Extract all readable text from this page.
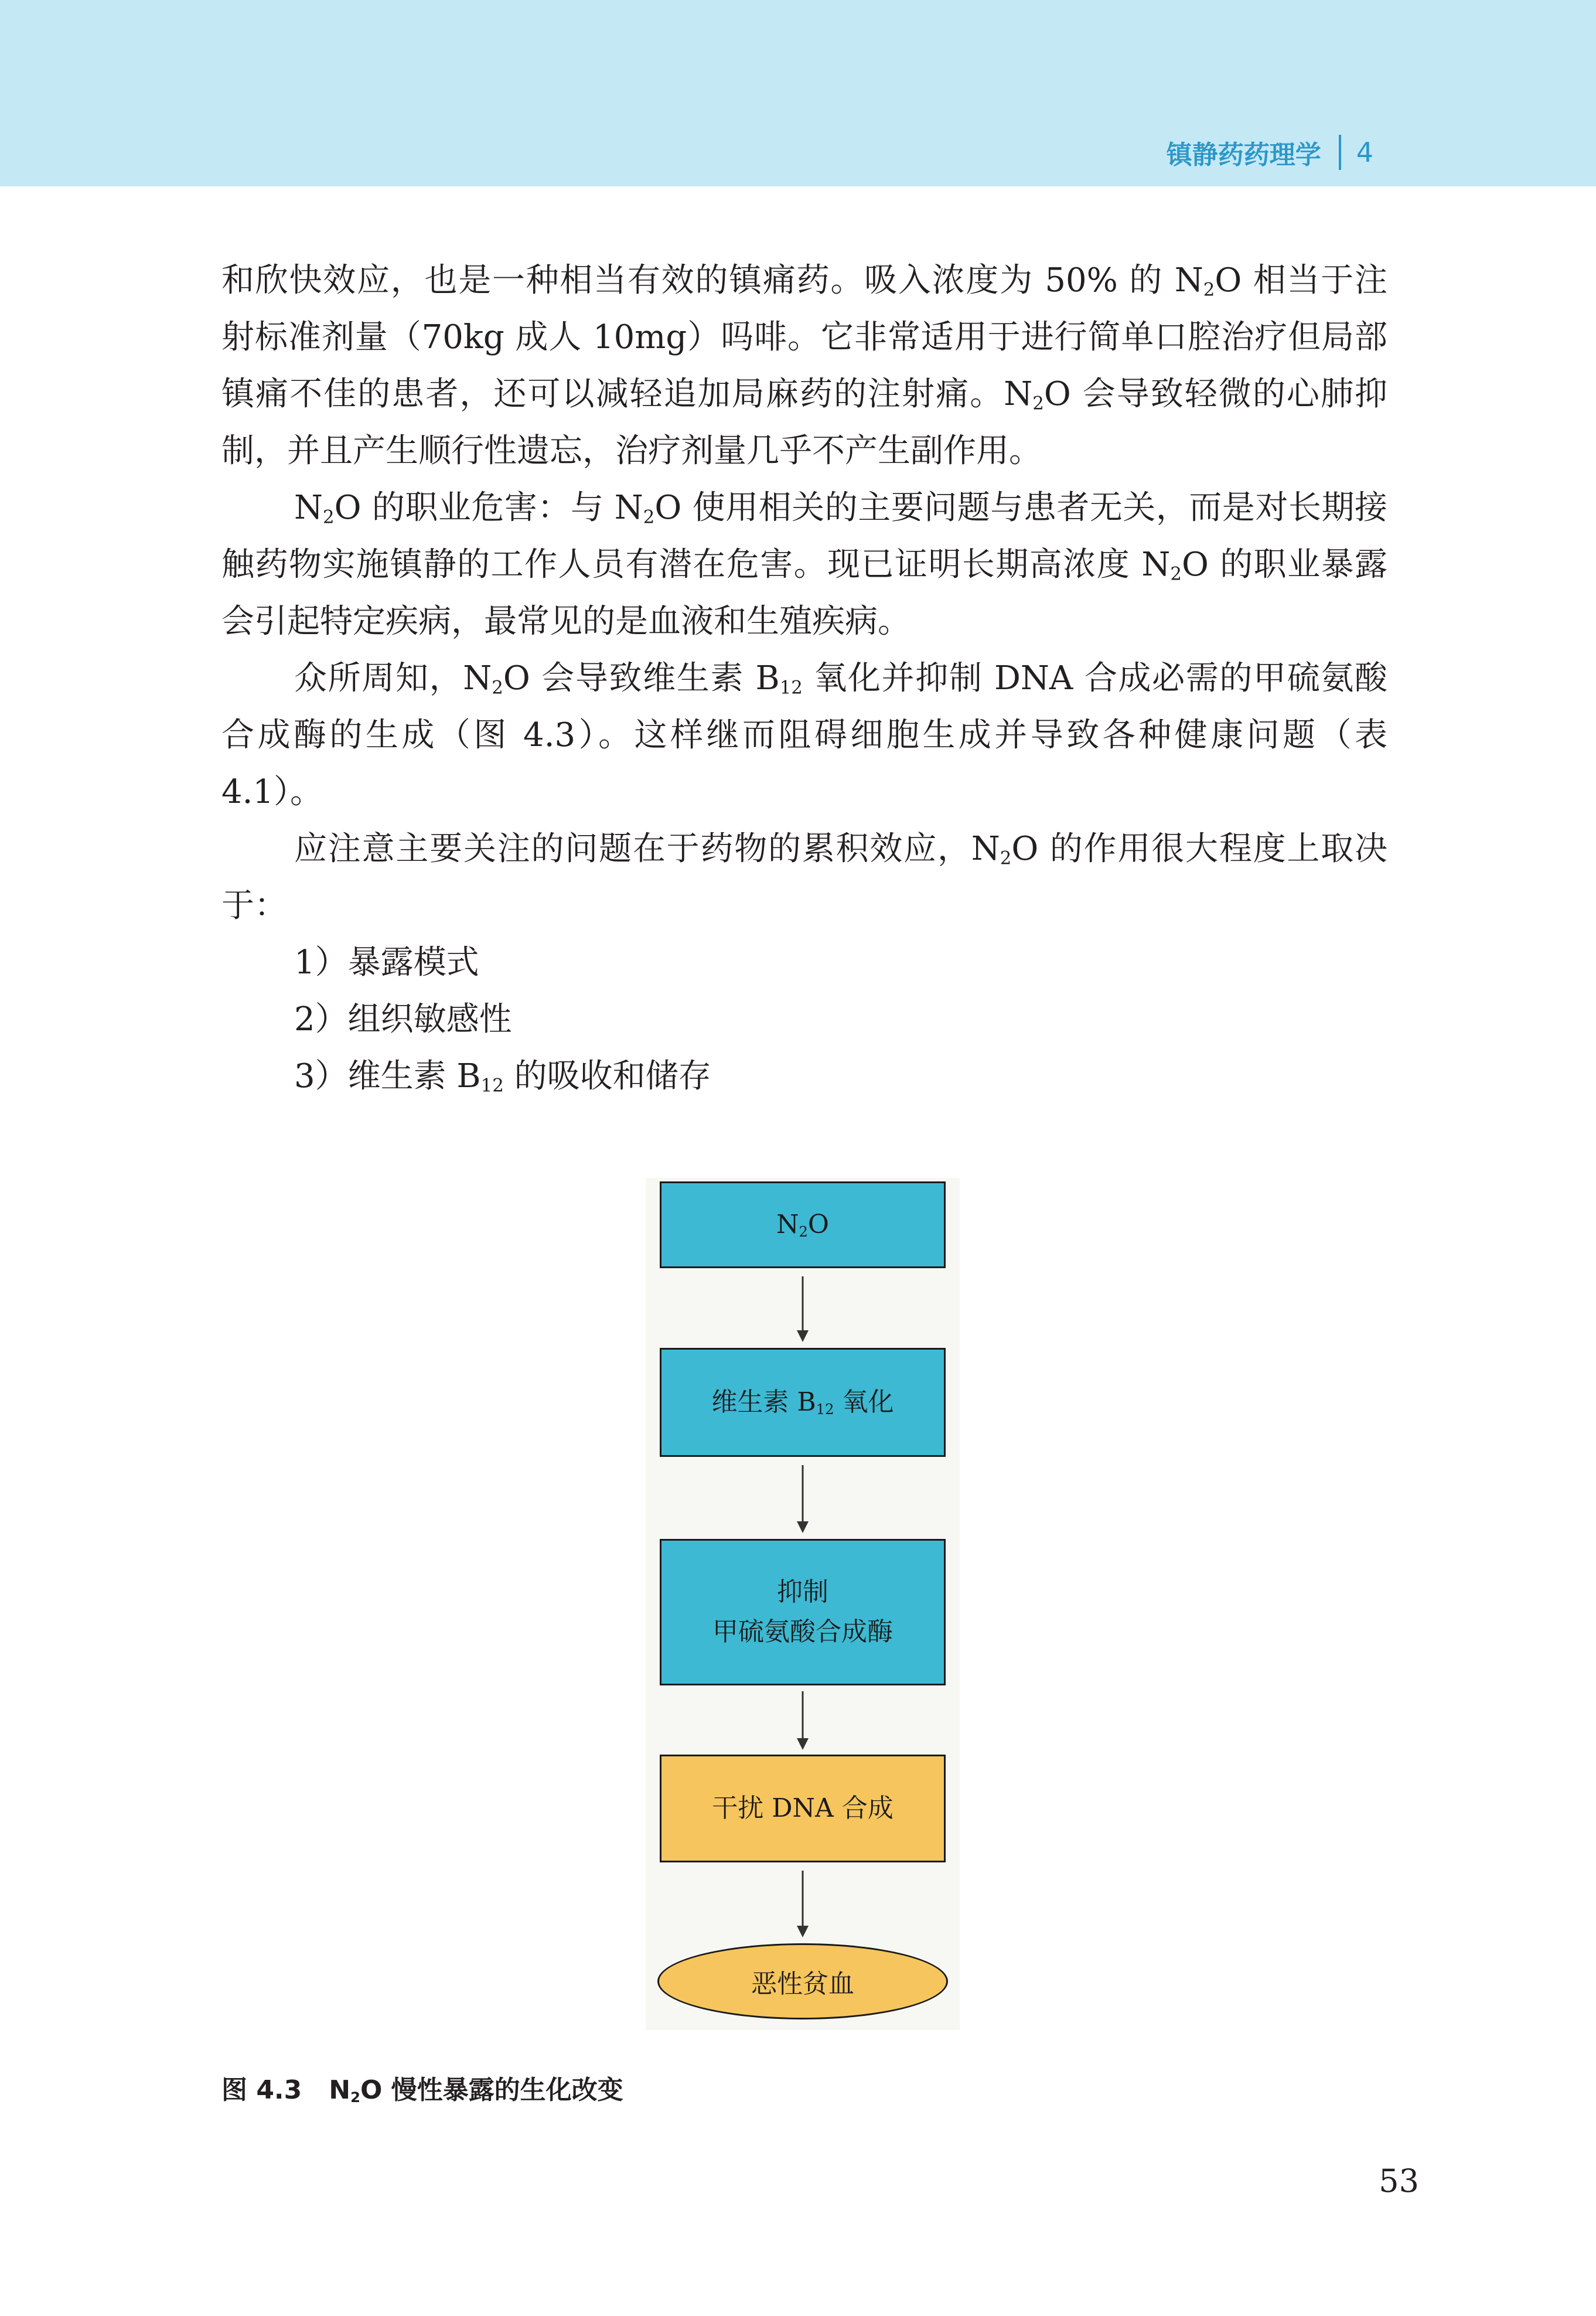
镇静药药理学 4

和欣快效应，也是一种相当有效的镇痛药。吸入浓度为 50% 的 $N_2O$ 相当于注射标准剂量（70kg 成人 10mg）吗啡。它非常适用于进行简单口腔治疗但局部镇痛不佳的患者，还可以减轻追加局麻药的注射痛。$N_2O$ 会导致轻微的心肺抑制，并且产生顺行性遗忘，治疗剂量几乎不产生副作用。

$N_2O$ 的职业危害：与 $N_2O$ 使用相关的主要问题与患者无关，而是对长期接触药物实施镇静的工作人员有潜在危害。现已证明长期高浓度 $N_2O$ 的职业暴露会引起特定疾病，最常见的是血液和生殖疾病。

众所周知，$N_2O$ 会导致维生素 $B_{12}$ 氧化并抑制 DNA 合成必需的甲硫氨酸合成酶的生成（图 4.3）。这样继而阻碍细胞生成并导致各种健康问题（表 4.1）。

应注意主要关注的问题在于药物的累积效应，$N_2O$ 的作用很大程度上取决于：

1）暴露模式

2）组织敏感性

3）维生素 $B_{12}$ 的吸收和储存

$N_2O$
维生素 $B_{12}$ 氧化
抑制
甲硫氨酸合成酶
干扰 DNA 合成
恶性贫血
图 4.3 $N_2O$ 慢性暴露的生化改变
53
